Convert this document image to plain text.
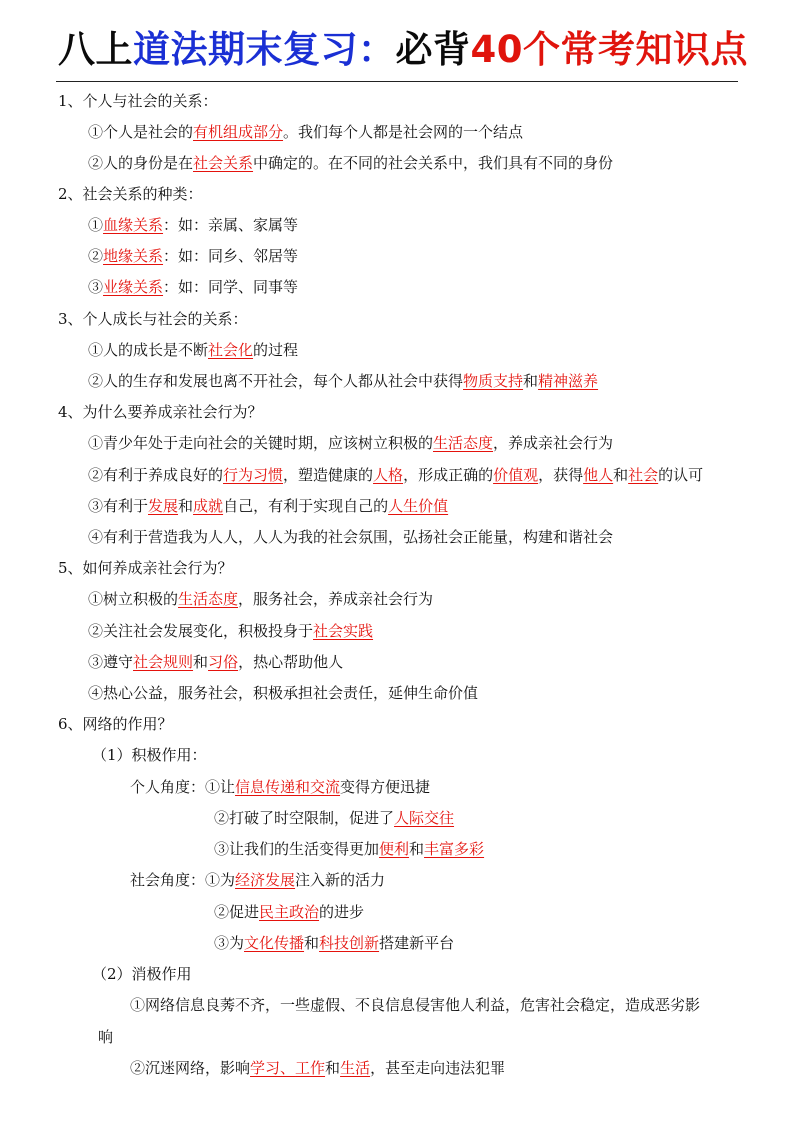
八上道法期末复习：必背40个常考知识点
1、个人与社会的关系：
①个人是社会的有机组成部分。我们每个人都是社会网的一个结点
②人的身份是在社会关系中确定的。在不同的社会关系中，我们具有不同的身份
2、社会关系的种类：
①血缘关系：如：亲属、家属等
②地缘关系：如：同乡、邻居等
③业缘关系：如：同学、同事等
3、个人成长与社会的关系：
①人的成长是不断社会化的过程
②人的生存和发展也离不开社会，每个人都从社会中获得物质支持和精神滋养
4、为什么要养成亲社会行为？
①青少年处于走向社会的关键时期，应该树立积极的生活态度，养成亲社会行为
②有利于养成良好的行为习惯，塑造健康的人格，形成正确的价值观，获得他人和社会的认可
③有利于发展和成就自己，有利于实现自己的人生价值
④有利于营造我为人人，人人为我的社会氛围，弘扬社会正能量，构建和谐社会
5、如何养成亲社会行为？
①树立积极的生活态度，服务社会，养成亲社会行为
②关注社会发展变化，积极投身于社会实践
③遵守社会规则和习俗，热心帮助他人
④热心公益，服务社会，积极承担社会责任，延伸生命价值
6、网络的作用？
（1）积极作用：
个人角度：①让信息传递和交流变得方便迅捷
②打破了时空限制，促进了人际交往
③让我们的生活变得更加便利和丰富多彩
社会角度：①为经济发展注入新的活力
②促进民主政治的进步
③为文化传播和科技创新搭建新平台
（2）消极作用
①网络信息良莠不齐，一些虚假、不良信息侵害他人利益，危害社会稳定，造成恶劣影
响
②沉迷网络，影响学习、工作和生活，甚至走向违法犯罪
